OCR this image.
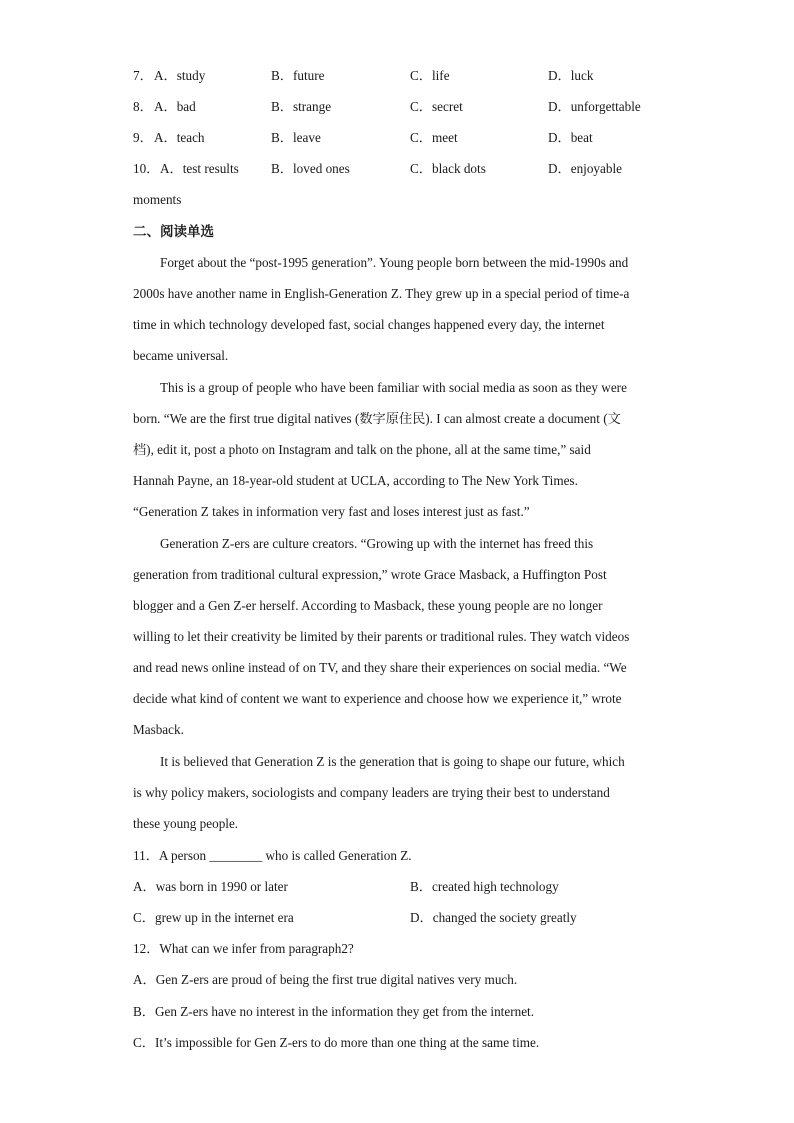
7． A．study	B．future	C．life	D．luck
8． A．bad	B．strange	C．secret	D．unforgettable
9． A．teach	B．leave	C．meet	D．beat
10． A．test results B．loved ones	C．black dots	D．enjoyable
moments
二、阅读单选
Forget about the “post-1995 generation”. Young people born between the mid-1990s and
2000s have another name in English-Generation Z. They grew up in a special period of time-a
time in which technology developed fast, social changes happened every day, the internet
became universal.
This is a group of people who have been familiar with social media as soon as they were
born. “We are the first true digital natives (数字原住民). I can almost create a document (文
档), edit it, post a photo on Instagram and talk on the phone, all at the same time,” said
Hannah Payne, an 18-year-old student at UCLA, according to The New York Times.
“Generation Z takes in information very fast and loses interest just as fast.”
Generation Z-ers are culture creators. “Growing up with the internet has freed this
generation from traditional cultural expression,” wrote Grace Masback, a Huffington Post
blogger and a Gen Z-er herself. According to Masback, these young people are no longer
willing to let their creativity be limited by their parents or traditional rules. They watch videos
and read news online instead of on TV, and they share their experiences on social media. “We
decide what kind of content we want to experience and choose how we experience it,” wrote
Masback.
It is believed that Generation Z is the generation that is going to shape our future, which
is why policy makers, sociologists and company leaders are trying their best to understand
these young people.
11．A person ________ who is called Generation Z.
A．was born in 1990 or later	B．created high technology
C．grew up in the internet era	D．changed the society greatly
12．What can we infer from paragraph2?
A．Gen Z-ers are proud of being the first true digital natives very much.
B．Gen Z-ers have no interest in the information they get from the internet.
C．It’s impossible for Gen Z-ers to do more than one thing at the same time.
